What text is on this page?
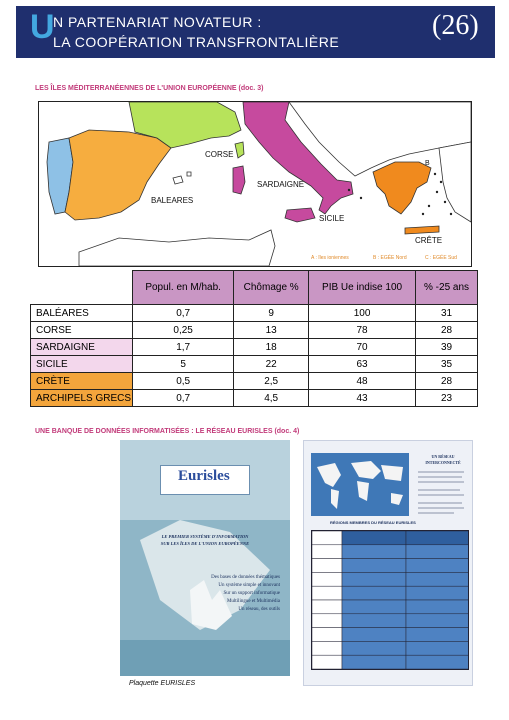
U
N PARTENARIAT NOVATEUR :
LA COOPÉRATION TRANSFRONTALIÈRE
(26)
LES ÎLES MÉDITERRANÉENNES DE L'UNION EUROPÉENNE (doc. 3)
CORSE
BALEARES
SARDAIGNE
SICILE
CRÊTE
B
A : îles ioniennes	B : EGÉE Nord	C : EGÉE Sud
	Popul. en M/hab.	Chômage %	PIB Ue indise 100	% -25 ans
BALÉARES	0,7	9	100	31
CORSE	0,25	13	78	28
SARDAIGNE	1,7	18	70	39
SICILE	5	22	63	35
CRÈTE	0,5	2,5	48	28
ARCHIPELS GRECS	0,7	4,5	43	23
UNE BANQUE DE DONNÉES INFORMATISÉES : LE RÉSEAU EURISLES (doc. 4)
Eurisles
LE PREMIER SYSTÈME D'INFORMATION
SUR LES ÎLES DE L'UNION EUROPÉENNE
Des bases de données thématiques
Un système simple et innovant
Sur un support informatique
Multilingue et Multimédia
Un réseau, des outils
UN RÉSEAU
INTERCONNECTÉ
RÉGIONS MEMBRES DU RÉSEAU EURISLES
Plaquette EURISLES
